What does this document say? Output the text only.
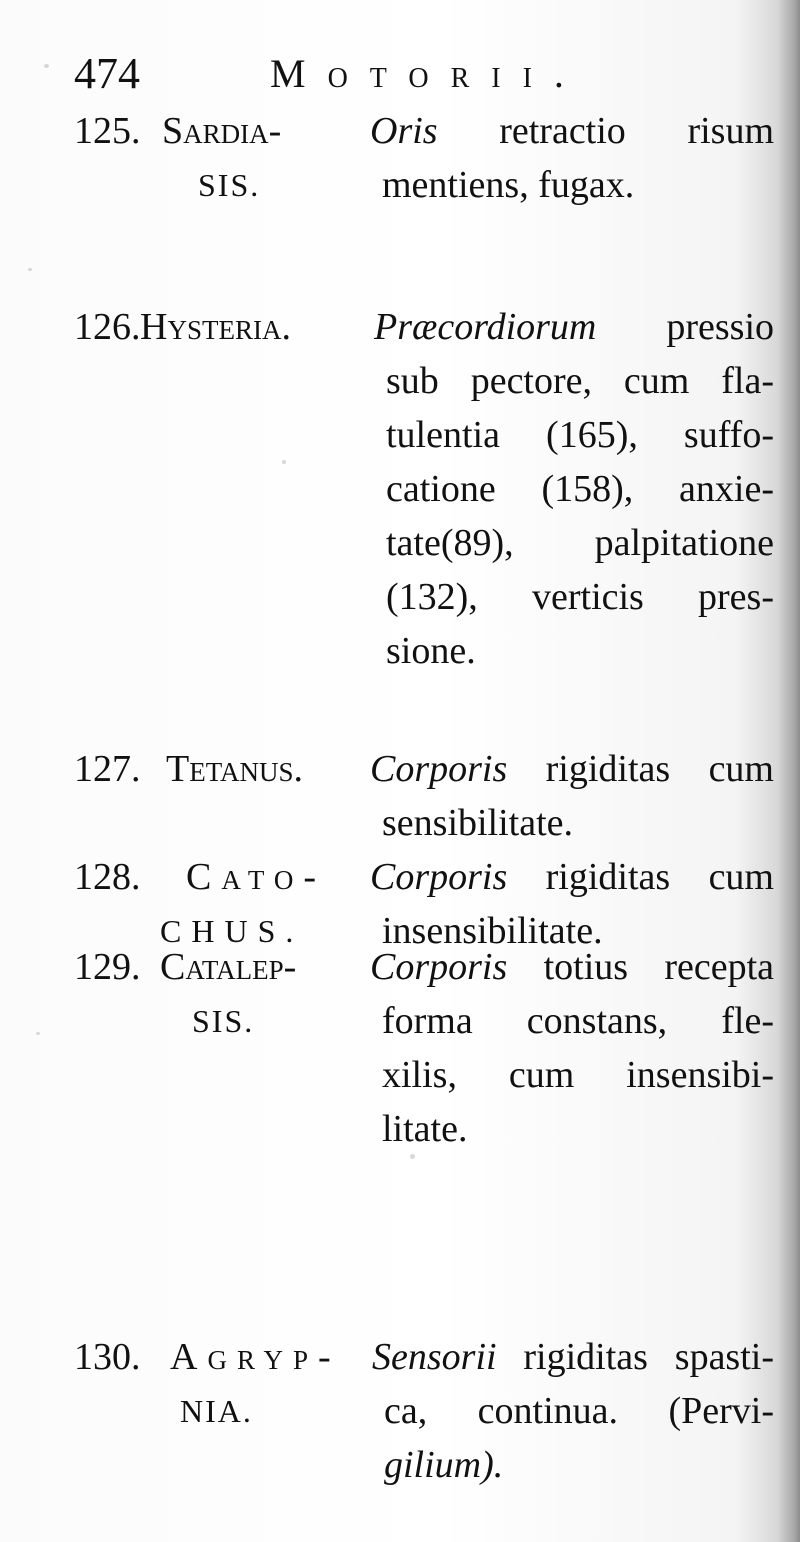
474	Motorii.
125. Sardia-
SIS.
Oris retractio risum
mentiens, fugax.
126. Hysteria. Præcordiorum pressio
sub pectore, cum fla-
tulentia (165), suffo-
catione (158), anxie-
tate(89), palpitatione
(132), verticis pres-
sione.
127. Tetanus. Corporis rigiditas cum
sensibilitate.
128. Cato-
CHUS.
Corporis rigiditas cum
insensibilitate.
129. Catalep-
SIS.
Corporis totius recepta
forma constans, fle-
xilis, cum insensibi-
litate.
130. Agryp-
NIA.
Sensorii rigiditas spasti-
ca, continua. (Pervi-
gilium).
